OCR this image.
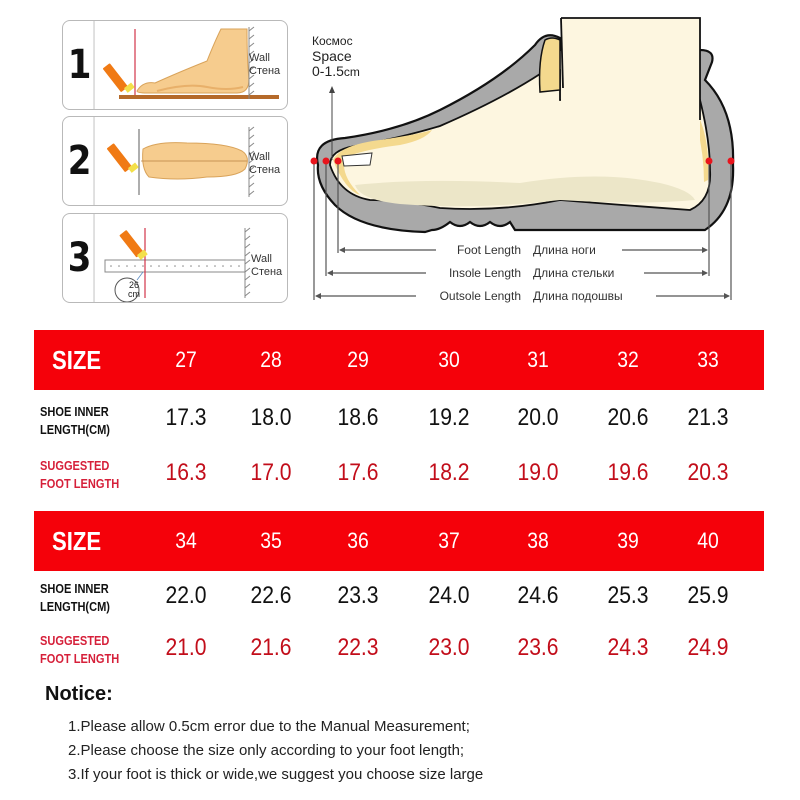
1	Wall
Стена
2	Wall
Стена
3
26
cm
Wall
Стена
Космос
Space
0-1.5cm
Foot Length Длина ноги
Insole Length Длина стельки
Outsole Length Длина подошвы
SIZE	27	28	29	30	31	32	33
SHOE INNER
LENGTH(CM)	17.3	18.0	18.6	19.2	20.0	20.6	21.3
SUGGESTED
FOOT LENGTH	16.3	17.0	17.6	18.2	19.0	19.6	20.3
SIZE	34	35	36	37	38	39	40
SHOE INNER
LENGTH(CM)	22.0	22.6	23.3	24.0	24.6	25.3	25.9
SUGGESTED
FOOT LENGTH	21.0	21.6	22.3	23.0	23.6	24.3	24.9
Notice:
1.Please allow 0.5cm error due to the Manual Measurement;
2.Please choose the size only according to your foot length;
3.If your foot is thick or wide,we suggest you choose size large
